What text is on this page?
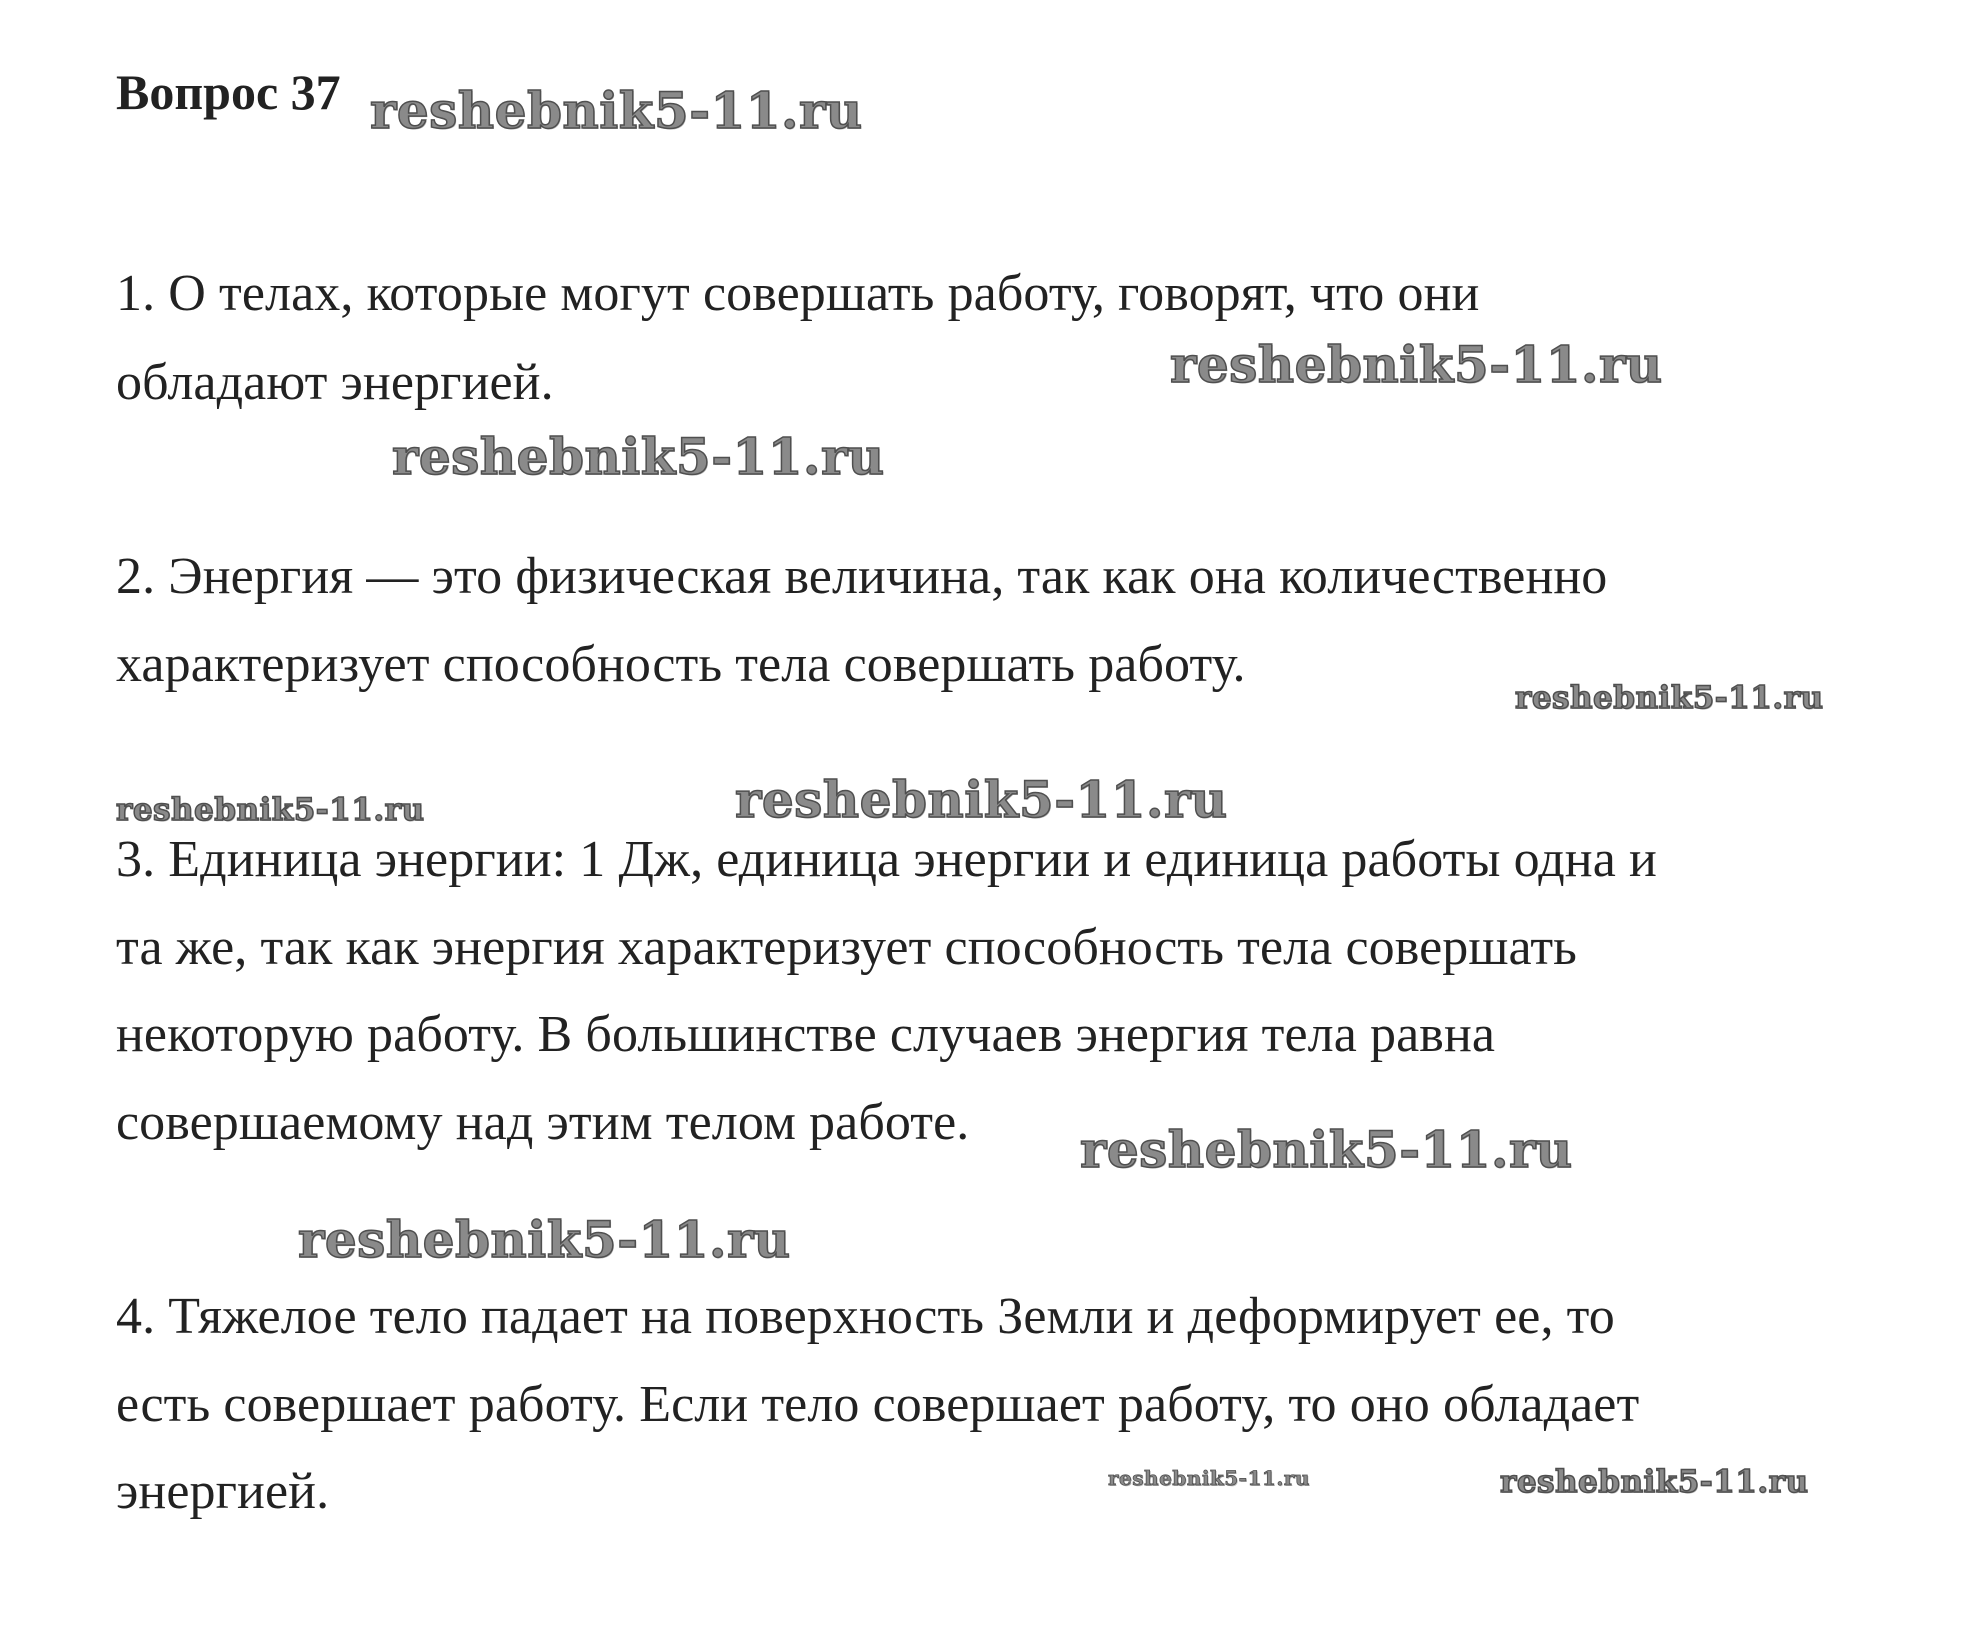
Вопрос 37

1. О телах, которые могут совершать работу, говорят, что они

обладают энергией.

2. Энергия — это физическая величина, так как она количественно

характеризует способность тела совершать работу.

3. Единица энергии: 1 Дж, единица энергии и единица работы одна и

та же, так как энергия характеризует способность тела совершать

некоторую работу. В большинстве случаев энергия тела равна

совершаемому над этим телом работе.

4. Тяжелое тело падает на поверхность Земли и деформирует ее, то

есть совершает работу. Если тело совершает работу, то оно обладает

энергией.

reshebnik5-11.ru
reshebnik5-11.ru
reshebnik5-11.ru
reshebnik5-11.ru
reshebnik5-11.ru	reshebnik5-11.ru
reshebnik5-11.ru
reshebnik5-11.ru
reshebnik5-11.ru	reshebnik5-11.ru
